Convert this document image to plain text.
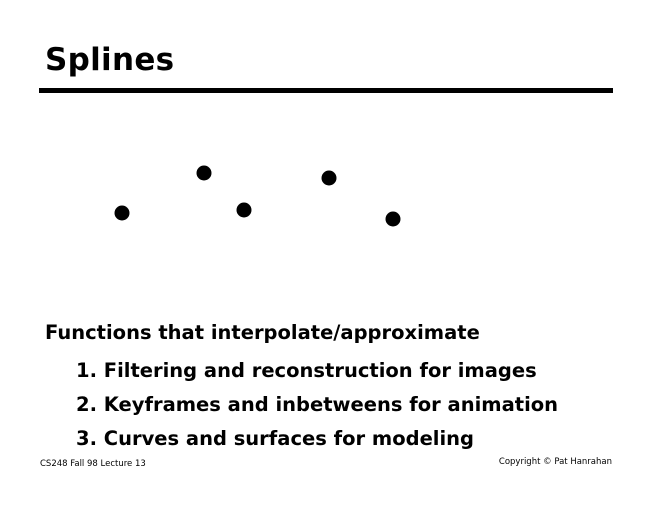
Splines
Functions that interpolate/approximate
1. Filtering and reconstruction for images
2. Keyframes and inbetweens for animation
3. Curves and surfaces for modeling
CS248 Fall 98 Lecture 13	Copyright © Pat Hanrahan
